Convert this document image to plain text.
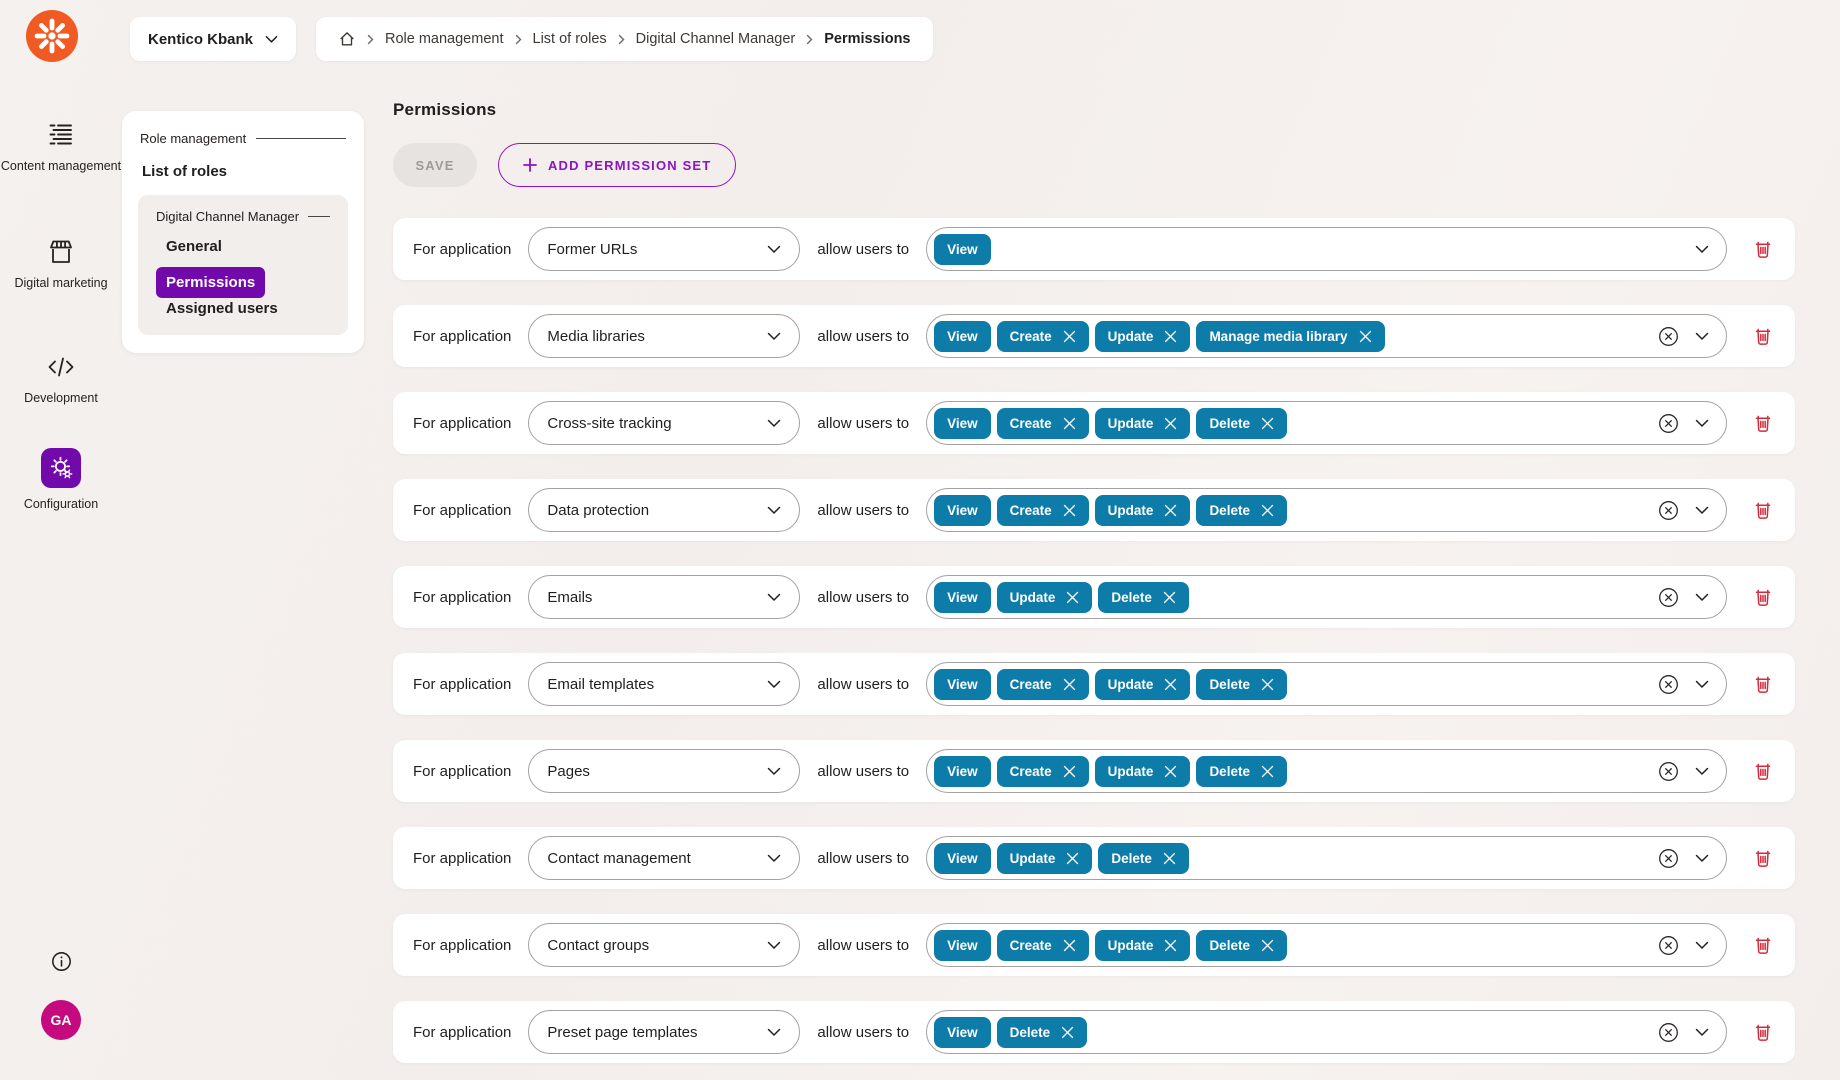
Kentico Kbank	Role management List of roles Digital Channel Manager Permissions
Content management
Digital marketing
Development
Configuration
GA
Role management
List of roles
Digital Channel Manager
General
Permissions
Assigned users
Permissions
SAVE	ADD PERMISSION SET
For application Former URLs	allow users to	View
For application Media libraries	allow users to	View Create	Update	Manage media library
For application Cross-site tracking	allow users to	View Create	Update	Delete
For application Data protection	allow users to	View Create	Update	Delete
For application Emails	allow users to	View Update	Delete
For application Email templates	allow users to	View Create	Update	Delete
For application Pages	allow users to	View Create	Update	Delete
For application Contact management	allow users to	View Update	Delete
For application Contact groups	allow users to	View Create	Update	Delete
For application Preset page templates	allow users to	View Delete
